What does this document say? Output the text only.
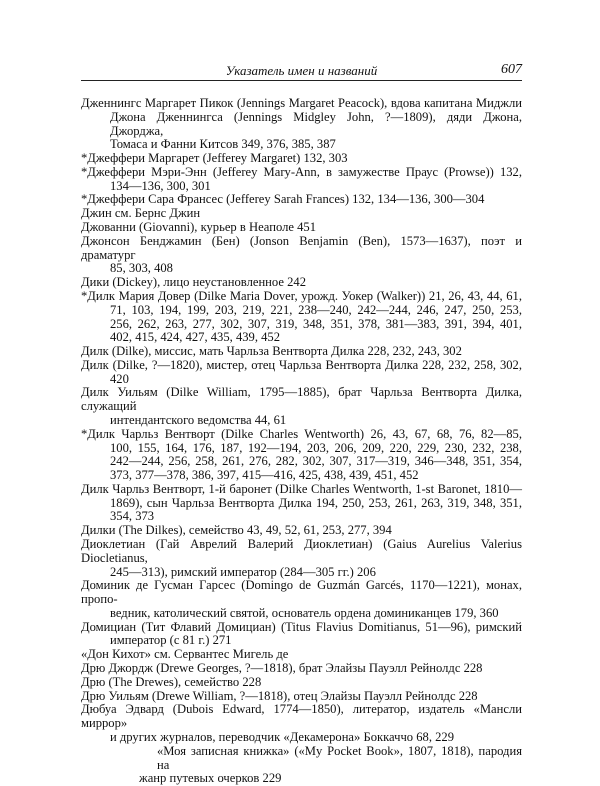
Указатель имен и названий	607
Дженнингс Маргарет Пикок (Jennings Margaret Peacock), вдова капитана Миджли
Джона Дженнингса (Jennings Midgley John, ?—1809), дяди Джона, Джорджа,
Томаса и Фанни Китсов 349, 376, 385, 387
*Джеффери Маргарет (Jefferey Margaret) 132, 303
*Джеффери Мэри-Энн (Jefferey Mary-Ann, в замужестве Праус (Prowse)) 132,
134—136, 300, 301
*Джеффери Сара Франсес (Jefferey Sarah Frances) 132, 134—136, 300—304
Джин см. Бернс Джин
Джованни (Giovanni), курьер в Неаполе 451
Джонсон Бенджамин (Бен) (Jonson Benjamin (Ben), 1573—1637), поэт и драматург
85, 303, 408
Дики (Dickey), лицо неустановленное 242
*Дилк Мария Довер (Dilke Maria Dover, урожд. Уокер (Walker)) 21, 26, 43, 44, 61,
71, 103, 194, 199, 203, 219, 221, 238—240, 242—244, 246, 247, 250, 253,
256, 262, 263, 277, 302, 307, 319, 348, 351, 378, 381—383, 391, 394, 401,
402, 415, 424, 427, 435, 439, 452
Дилк (Dilke), миссис, мать Чарльза Вентворта Дилка 228, 232, 243, 302
Дилк (Dilke, ?—1820), мистер, отец Чарльза Вентворта Дилка 228, 232, 258, 302,
420
Дилк Уильям (Dilke William, 1795—1885), брат Чарльза Вентворта Дилка, служащий
интендантского ведомства 44, 61
*Дилк Чарльз Вентворт (Dilke Charles Wentworth) 26, 43, 67, 68, 76, 82—85,
100, 155, 164, 176, 187, 192—194, 203, 206, 209, 220, 229, 230, 232, 238,
242—244, 256, 258, 261, 276, 282, 302, 307, 317—319, 346—348, 351, 354,
373, 377—378, 386, 397, 415—416, 425, 438, 439, 451, 452
Дилк Чарльз Вентворт, 1-й баронет (Dilke Charles Wentworth, 1-st Baronet, 1810—
1869), сын Чарльза Вентворта Дилка 194, 250, 253, 261, 263, 319, 348, 351,
354, 373
Дилки (The Dilkes), семейство 43, 49, 52, 61, 253, 277, 394
Диоклетиан (Гай Аврелий Валерий Диоклетиан) (Gaius Aurelius Valerius Diocletianus,
245—313), римский император (284—305 гг.) 206
Доминик де Гусман Гарсес (Domingo de Guzmán Garcés, 1170—1221), монах, пропо-
ведник, католический святой, основатель ордена доминиканцев 179, 360
Домициан (Тит Флавий Домициан) (Titus Flavius Domitianus, 51—96), римский
император (с 81 г.) 271
«Дон Кихот» см. Сервантес Мигель де
Дрю Джордж (Drewe Georges, ?—1818), брат Элайзы Пауэлл Рейнолдс 228
Дрю (The Drewes), семейство 228
Дрю Уильям (Drewe William, ?—1818), отец Элайзы Пауэлл Рейнолдс 228
Дюбуа Эдвард (Dubois Edward, 1774—1850), литератор, издатель «Мансли миррор»
и других журналов, переводчик «Декамерона» Боккаччо 68, 229
«Моя записная книжка» («My Pocket Book», 1807, 1818), пародия на
жанр путевых очерков 229
